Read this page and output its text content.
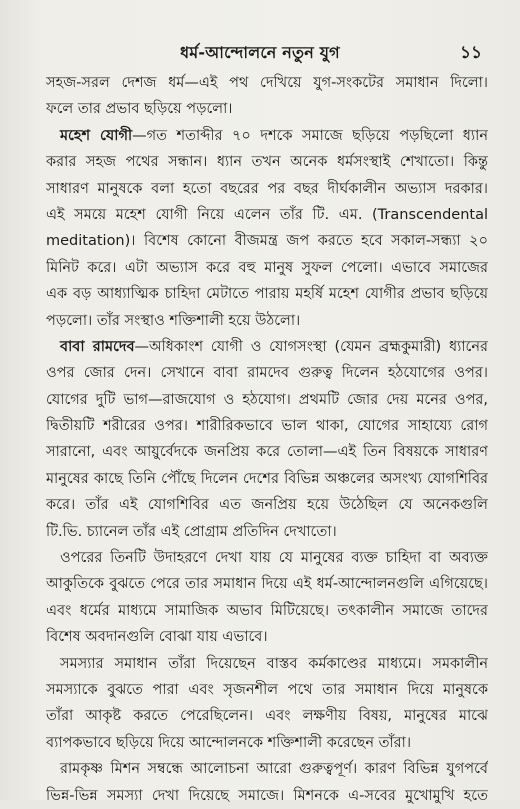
ধর্ম-আন্দোলনে নতুন যুগ	১১
সহজ-সরল দেশজ ধর্ম—এই পথ দেখিয়ে যুগ-সংকটের সমাধান দিলো।
ফলে তার প্রভাব ছড়িয়ে পড়লো।
মহেশ যোগী—গত শতাব্দীর ৭০ দশকে সমাজে ছড়িয়ে পড়ছিলো ধ্যান
করার সহজ পথের সন্ধান। ধ্যান তখন অনেক ধর্মসংস্থাই শেখাতো। কিন্তু
সাধারণ মানুষকে বলা হতো বছরের পর বছর দীর্ঘকালীন অভ্যাস দরকার।
এই সময়ে মহেশ যোগী নিয়ে এলেন তাঁর টি. এম. (Transcendental
meditation)। বিশেষ কোনো বীজমন্ত্র জপ করতে হবে সকাল-সন্ধ্যা ২০
মিনিট করে। এটা অভ্যাস করে বহু মানুষ সুফল পেলো। এভাবে সমাজের
এক বড় আধ্যাত্মিক চাহিদা মেটাতে পারায় মহর্ষি মহেশ যোগীর প্রভাব ছড়িয়ে
পড়লো। তাঁর সংস্থাও শক্তিশালী হয়ে উঠলো।
বাবা রামদেব—অধিকাংশ যোগী ও যোগসংস্থা (যেমন ব্রহ্মকুমারী) ধ্যানের
ওপর জোর দেন। সেখানে বাবা রামদেব গুরুত্ব দিলেন হঠযোগের ওপর।
যোগের দুটি ভাগ—রাজযোগ ও হঠযোগ। প্রথমটি জোর দেয় মনের ওপর,
দ্বিতীয়টি শরীরের ওপর। শারীরিকভাবে ভাল থাকা, যোগের সাহায্যে রোগ
সারানো, এবং আয়ুর্বেদকে জনপ্রিয় করে তোলা—এই তিন বিষয়কে সাধারণ
মানুষের কাছে তিনি পৌঁছে দিলেন দেশের বিভিন্ন অঞ্চলের অসংখ্য যোগশিবির
করে। তাঁর এই যোগশিবির এত জনপ্রিয় হয়ে উঠেছিল যে অনেকগুলি
টি.ভি. চ্যানেল তাঁর এই প্রোগ্রাম প্রতিদিন দেখাতো।
ওপরের তিনটি উদাহরণে দেখা যায় যে মানুষের ব্যক্ত চাহিদা বা অব্যক্ত
আকুতিকে বুঝতে পেরে তার সমাধান দিয়ে এই ধর্ম-আন্দোলনগুলি এগিয়েছে।
এবং ধর্মের মাধ্যমে সামাজিক অভাব মিটিয়েছে। তৎকালীন সমাজে তাদের
বিশেষ অবদানগুলি বোঝা যায় এভাবে।
সমস্যার সমাধান তাঁরা দিয়েছেন বাস্তব কর্মকাণ্ডের মাধ্যমে। সমকালীন
সমস্যাকে বুঝতে পারা এবং সৃজনশীল পথে তার সমাধান দিয়ে মানুষকে
তাঁরা আকৃষ্ট করতে পেরেছিলেন। এবং লক্ষণীয় বিষয়, মানুষের মাঝে
ব্যাপকভাবে ছড়িয়ে দিয়ে আন্দোলনকে শক্তিশালী করেছেন তাঁরা।
রামকৃষ্ণ মিশন সম্বন্ধে আলোচনা আরো গুরুত্বপূর্ণ। কারণ বিভিন্ন যুগপর্বে
ভিন্ন-ভিন্ন সমস্যা দেখা দিয়েছে সমাজে। মিশনকে এ-সবের মুখোমুখি হতে
